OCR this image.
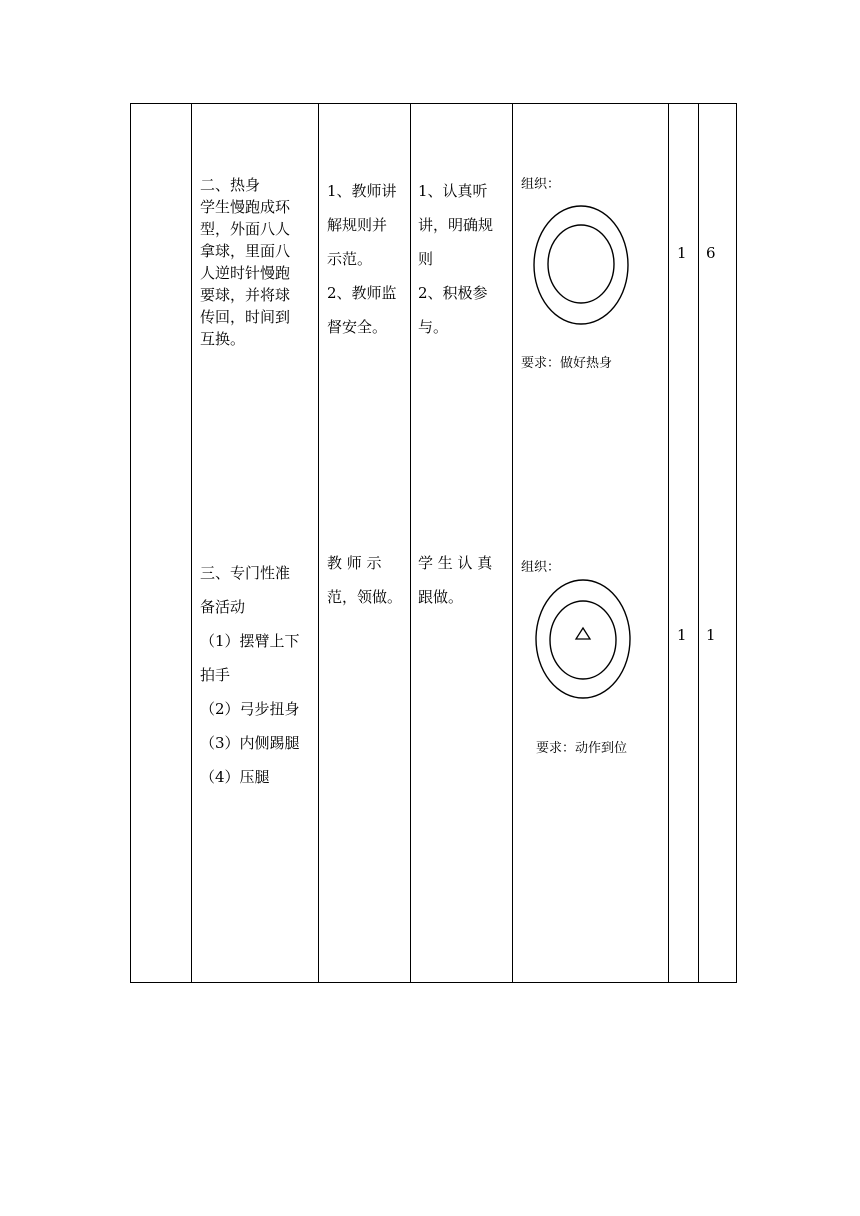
二、热身
学生慢跑成环
型，外面八人
拿球，里面八
人逆时针慢跑
要球，并将球
传回，时间到
互换。
1、教师讲
解规则并
示范。
2、教师监
督安全。
1、认真听
讲，明确规
则
2、积极参
与。
组织：
要求：做好热身
1 6
三、专门性准
备活动
（1）摆臂上下
拍手
（2）弓步扭身
（3）内侧踢腿
（4）压腿
教 师 示
范，领做。
学 生 认 真
跟做。
组织：
要求：动作到位
1 1
